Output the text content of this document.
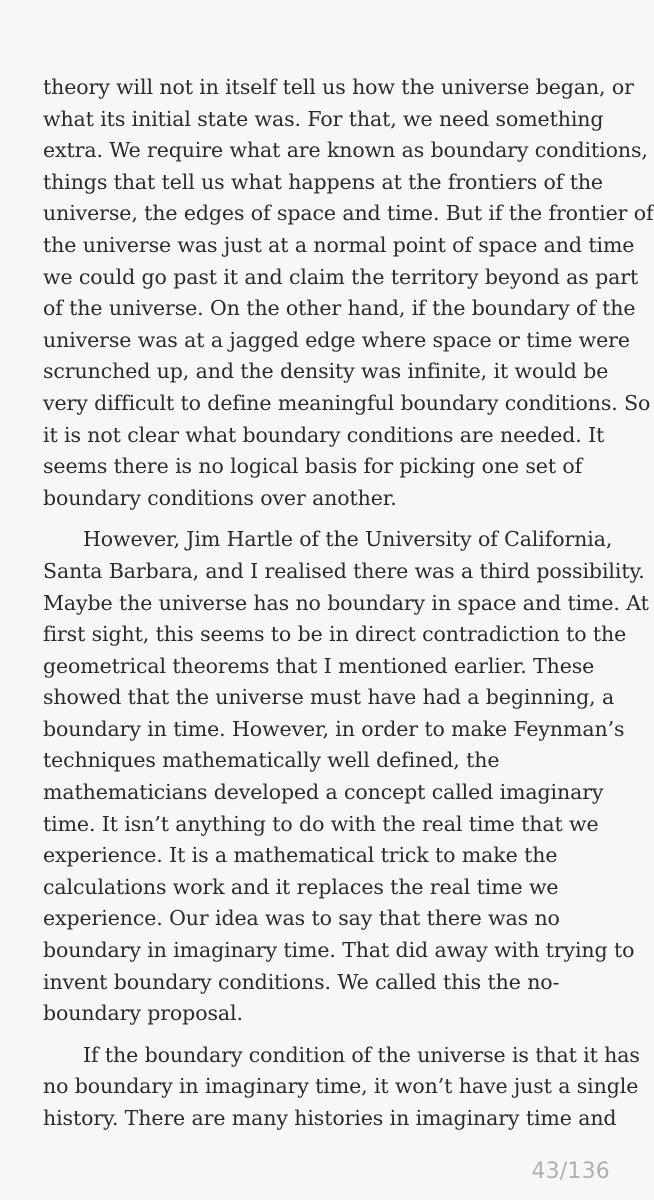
theory will not in itself tell us how the universe began, or
what its initial state was. For that, we need something
extra. We require what are known as boundary conditions,
things that tell us what happens at the frontiers of the
universe, the edges of space and time. But if the frontier of
the universe was just at a normal point of space and time
we could go past it and claim the territory beyond as part
of the universe. On the other hand, if the boundary of the
universe was at a jagged edge where space or time were
scrunched up, and the density was infinite, it would be
very difficult to define meaningful boundary conditions. So
it is not clear what boundary conditions are needed. It
seems there is no logical basis for picking one set of
boundary conditions over another.
However, Jim Hartle of the University of California,
Santa Barbara, and I realised there was a third possibility.
Maybe the universe has no boundary in space and time. At
first sight, this seems to be in direct contradiction to the
geometrical theorems that I mentioned earlier. These
showed that the universe must have had a beginning, a
boundary in time. However, in order to make Feynman’s
techniques mathematically well defined, the
mathematicians developed a concept called imaginary
time. It isn’t anything to do with the real time that we
experience. It is a mathematical trick to make the
calculations work and it replaces the real time we
experience. Our idea was to say that there was no
boundary in imaginary time. That did away with trying to
invent boundary conditions. We called this the no-
boundary proposal.
If the boundary condition of the universe is that it has
no boundary in imaginary time, it won’t have just a single
history. There are many histories in imaginary time and
43/136
